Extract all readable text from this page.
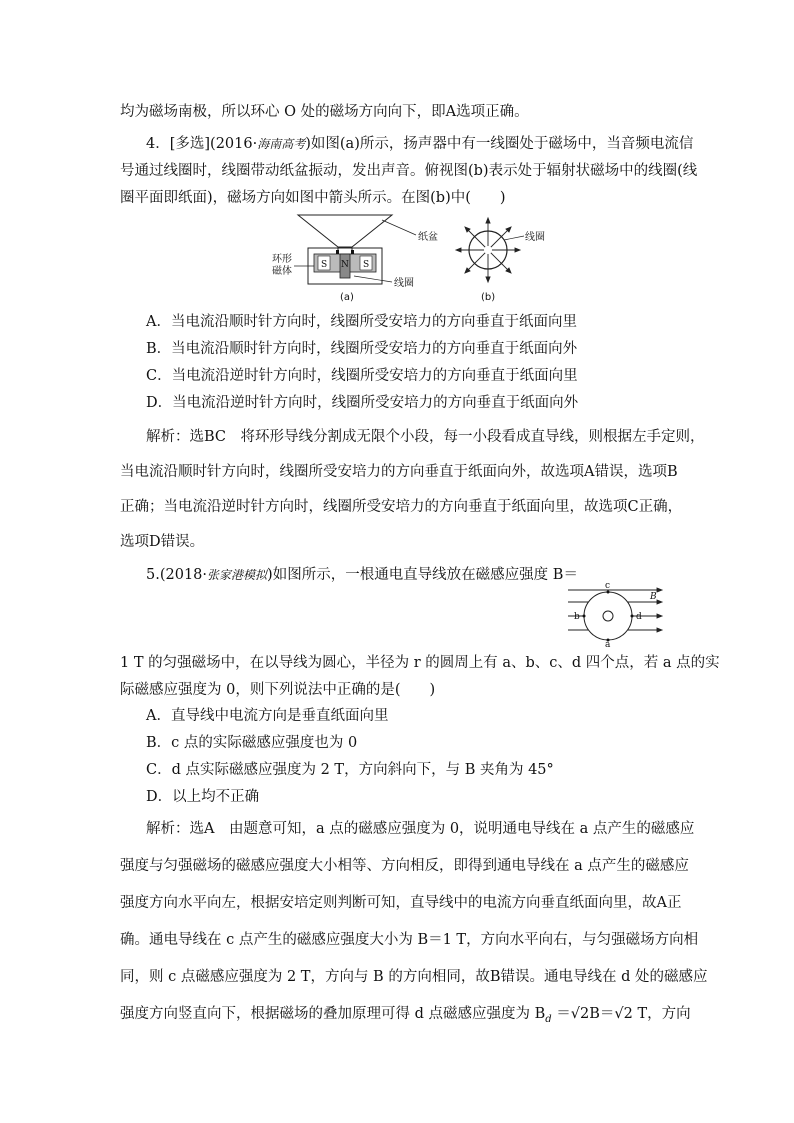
均为磁场南极，所以环心 O 处的磁场方向向下，即A选项正确。
4．[多选](2016·海南高考)如图(a)所示，扬声器中有一线圈处于磁场中，当音频电流信
号通过线圈时，线圈带动纸盆振动，发出声音。俯视图(b)表示处于辐射状磁场中的线圈(线
圈平面即纸面)，磁场方向如图中箭头所示。在图(b)中(　　)
S N S
纸盆
环形
磁体
线圈
(a)
线圈
(b)
A．当电流沿顺时针方向时，线圈所受安培力的方向垂直于纸面向里
B．当电流沿顺时针方向时，线圈所受安培力的方向垂直于纸面向外
C．当电流沿逆时针方向时，线圈所受安培力的方向垂直于纸面向里
D．当电流沿逆时针方向时，线圈所受安培力的方向垂直于纸面向外
解析：选BC　将环形导线分割成无限个小段，每一小段看成直导线，则根据左手定则，
当电流沿顺时针方向时，线圈所受安培力的方向垂直于纸面向外，故选项A错误，选项B
正确；当电流沿逆时针方向时，线圈所受安培力的方向垂直于纸面向里，故选项C正确，
选项D错误。
5.(2018·张家港模拟)如图所示，一根通电直导线放在磁感应强度 B＝
c
a
b	d
B
1 T 的匀强磁场中，在以导线为圆心，半径为 r 的圆周上有 a、b、c、d 四个点，若 a 点的实
际磁感应强度为 0，则下列说法中正确的是(　　)
A．直导线中电流方向是垂直纸面向里
B．c 点的实际磁感应强度也为 0
C．d 点实际磁感应强度为 2 T，方向斜向下，与 B 夹角为 45°
D．以上均不正确
解析：选A　由题意可知，a 点的磁感应强度为 0，说明通电导线在 a 点产生的磁感应
强度与匀强磁场的磁感应强度大小相等、方向相反，即得到通电导线在 a 点产生的磁感应
强度方向水平向左，根据安培定则判断可知，直导线中的电流方向垂直纸面向里，故A正
确。通电导线在 c 点产生的磁感应强度大小为 B＝1 T，方向水平向右，与匀强磁场方向相
同，则 c 点磁感应强度为 2 T，方向与 B 的方向相同，故B错误。通电导线在 d 处的磁感应
强度方向竖直向下，根据磁场的叠加原理可得 d 点磁感应强度为 $B_d =√2B=√2$ T，方向
